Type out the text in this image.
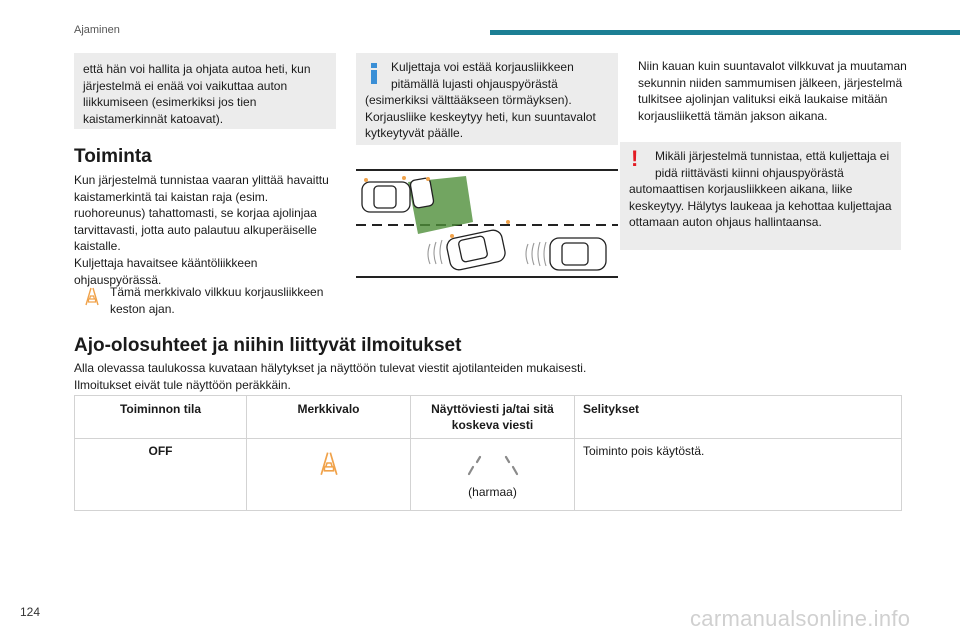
Ajaminen

että hän voi hallita ja ohjata autoa heti, kun järjestelmä ei enää voi vaikuttaa auton liikkumiseen (esimerkiksi jos tien kaistamerkinnät katoavat).

Kuljettaja voi estää korjausliikkeen pitämällä lujasti ohjauspyörästä (esimerkiksi välttääkseen törmäyksen). Korjausliike keskeytyy heti, kun suuntavalot kytkeytyvät päälle.

Niin kauan kuin suuntavalot vilkkuvat ja muutaman sekunnin niiden sammumisen jälkeen, järjestelmä tulkitsee ajolinjan valituksi eikä laukaise mitään korjausliikettä tämän jakson aikana.

!	Mikäli järjestelmä tunnistaa, että kuljettaja ei pidä riittävästi kiinni ohjauspyörästä automaattisen korjausliikkeen aikana, liike keskeytyy. Hälytys laukeaa ja kehottaa kuljettajaa ottamaan auton ohjaus hallintaansa.

Toiminta

Kun järjestelmä tunnistaa vaaran ylittää havaittu kaistamerkintä tai kaistan raja (esim. ruohoreunus) tahattomasti, se korjaa ajolinjaa tarvittavasti, jotta auto palautuu alkuperäiselle kaistalle.

Kuljettaja havaitsee kääntöliikkeen ohjauspyörässä.

Tämä merkkivalo vilkkuu korjausliikkeen keston ajan.

Ajo-olosuhteet ja niihin liittyvät ilmoitukset

Alla olevassa taulukossa kuvataan hälytykset ja näyttöön tulevat viestit ajotilanteiden mukaisesti.

Ilmoitukset eivät tule näyttöön peräkkäin.

Toiminnon tila	Merkkivalo	Näyttöviesti ja/tai sitä koskeva viesti	Selitykset
OFF		(harmaa)	Toiminto pois käytöstä.
124	carmanualsonline.info
